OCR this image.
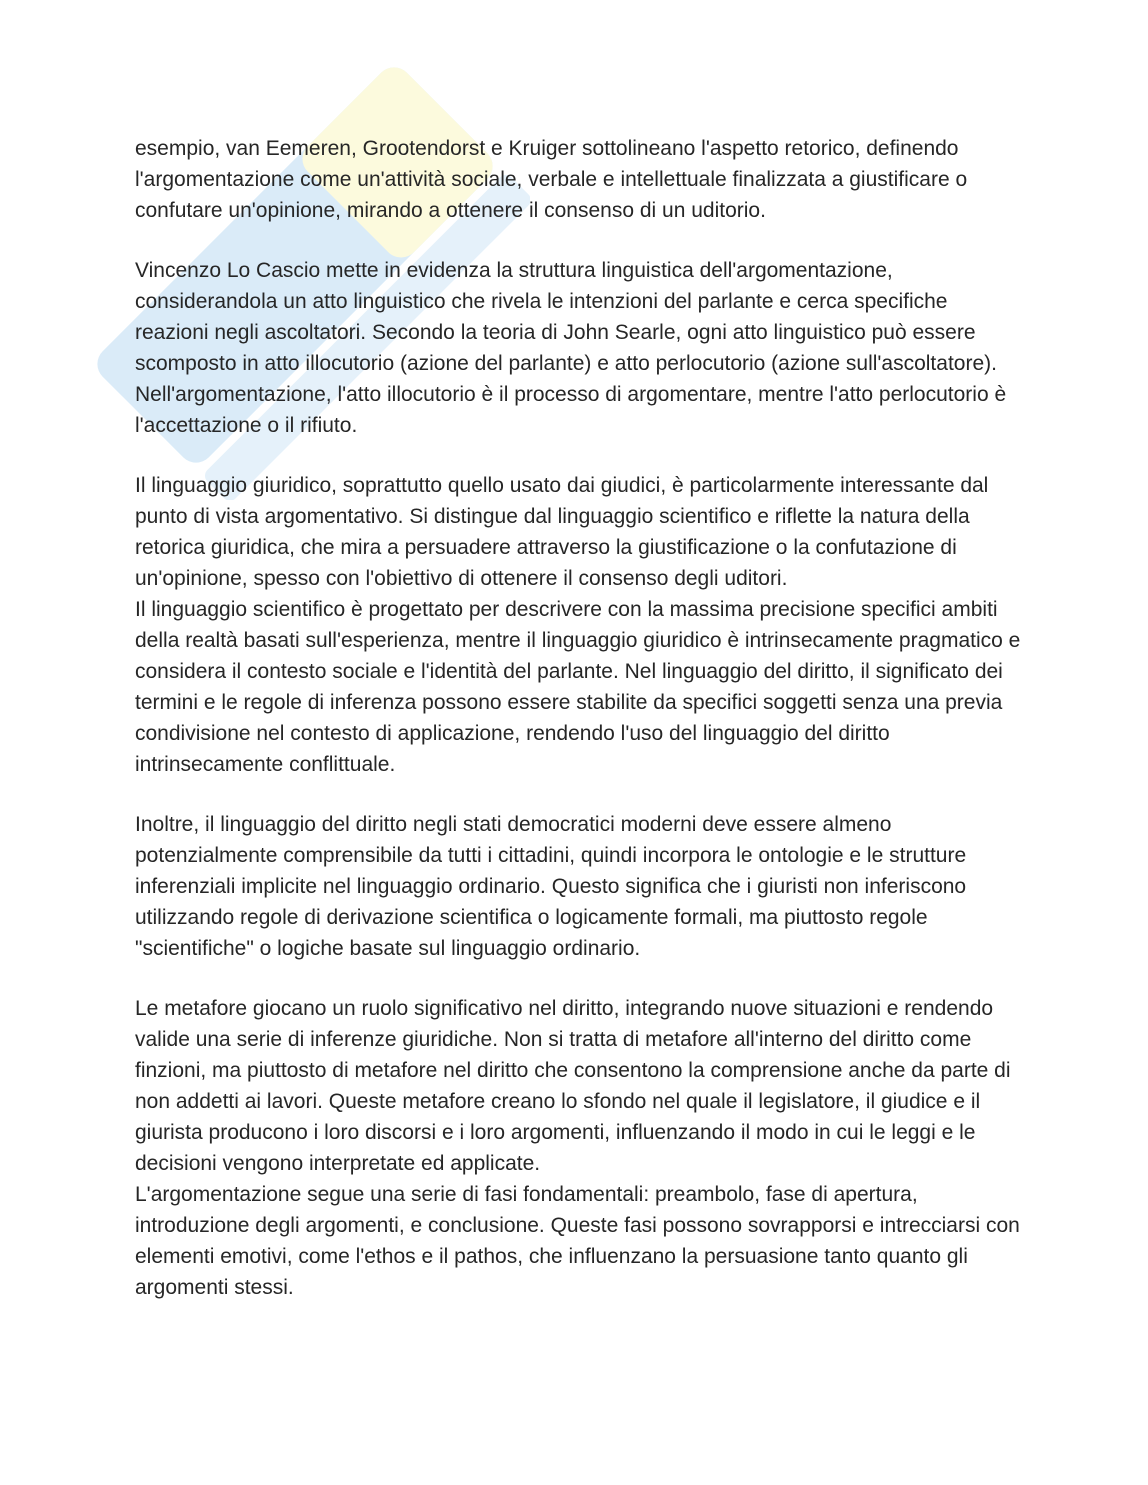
esempio, van Eemeren, Grootendorst e Kruiger sottolineano l'aspetto retorico, definendo l'argomentazione come un'attività sociale, verbale e intellettuale finalizzata a giustificare o confutare un'opinione, mirando a ottenere il consenso di un uditorio.

Vincenzo Lo Cascio mette in evidenza la struttura linguistica dell'argomentazione, considerandola un atto linguistico che rivela le intenzioni del parlante e cerca specifiche reazioni negli ascoltatori. Secondo la teoria di John Searle, ogni atto linguistico può essere scomposto in atto illocutorio (azione del parlante) e atto perlocutorio (azione sull'ascoltatore). Nell'argomentazione, l'atto illocutorio è il processo di argomentare, mentre l'atto perlocutorio è l'accettazione o il rifiuto.

Il linguaggio giuridico, soprattutto quello usato dai giudici, è particolarmente interessante dal punto di vista argomentativo. Si distingue dal linguaggio scientifico e riflette la natura della retorica giuridica, che mira a persuadere attraverso la giustificazione o la confutazione di un'opinione, spesso con l'obiettivo di ottenere il consenso degli uditori.

Il linguaggio scientifico è progettato per descrivere con la massima precisione specifici ambiti della realtà basati sull'esperienza, mentre il linguaggio giuridico è intrinsecamente pragmatico e considera il contesto sociale e l'identità del parlante. Nel linguaggio del diritto, il significato dei termini e le regole di inferenza possono essere stabilite da specifici soggetti senza una previa condivisione nel contesto di applicazione, rendendo l'uso del linguaggio del diritto intrinsecamente conflittuale.

Inoltre, il linguaggio del diritto negli stati democratici moderni deve essere almeno potenzialmente comprensibile da tutti i cittadini, quindi incorpora le ontologie e le strutture inferenziali implicite nel linguaggio ordinario. Questo significa che i giuristi non inferiscono utilizzando regole di derivazione scientifica o logicamente formali, ma piuttosto regole "scientifiche" o logiche basate sul linguaggio ordinario.

Le metafore giocano un ruolo significativo nel diritto, integrando nuove situazioni e rendendo valide una serie di inferenze giuridiche. Non si tratta di metafore all'interno del diritto come finzioni, ma piuttosto di metafore nel diritto che consentono la comprensione anche da parte di non addetti ai lavori. Queste metafore creano lo sfondo nel quale il legislatore, il giudice e il giurista producono i loro discorsi e i loro argomenti, influenzando il modo in cui le leggi e le decisioni vengono interpretate ed applicate.

L'argomentazione segue una serie di fasi fondamentali: preambolo, fase di apertura, introduzione degli argomenti, e conclusione. Queste fasi possono sovrapporsi e intrecciarsi con elementi emotivi, come l'ethos e il pathos, che influenzano la persuasione tanto quanto gli argomenti stessi.
